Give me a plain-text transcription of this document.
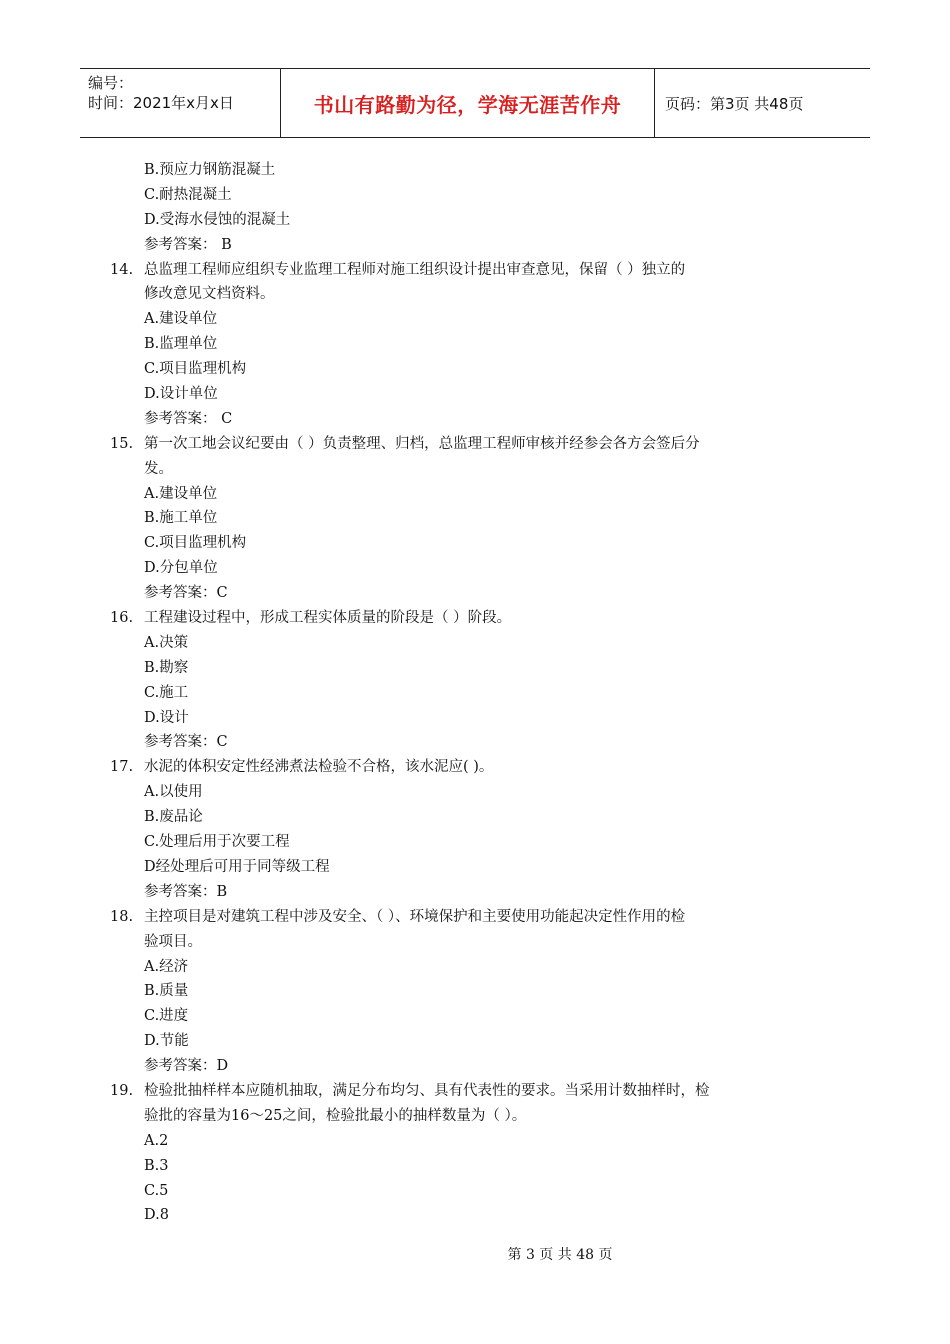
编号：
时间：2021年x月x日	书山有路勤为径，学海无涯苦作舟	页码：第3页 共48页
B.预应力钢筋混凝土
C.耐热混凝土
D.受海水侵蚀的混凝土
参考答案： B
14. 总监理工程师应组织专业监理工程师对施工组织设计提出审查意见，保留（ ）独立的
修改意见文档资料。
A.建设单位
B.监理单位
C.项目监理机构
D.设计单位
参考答案： C
15. 第一次工地会议纪要由（ ）负责整理、归档，总监理工程师审核并经参会各方会签后分
发。
A.建设单位
B.施工单位
C.项目监理机构
D.分包单位
参考答案：C
16. 工程建设过程中，形成工程实体质量的阶段是（ ）阶段。
A.决策
B.勘察
C.施工
D.设计
参考答案：C
17. 水泥的体积安定性经沸煮法检验不合格，该水泥应( )。
A.以使用
B.废品论
C.处理后用于次要工程
D经处理后可用于同等级工程
参考答案：B
18. 主控项目是对建筑工程中涉及安全、（ ）、环境保护和主要使用功能起决定性作用的检
验项目。
A.经济
B.质量
C.进度
D.节能
参考答案：D
19. 检验批抽样样本应随机抽取，满足分布均匀、具有代表性的要求。当采用计数抽样时，检
验批的容量为16～25之间，检验批最小的抽样数量为（ ）。
A.2
B.3
C.5
D.8
第 3 页 共 48 页
